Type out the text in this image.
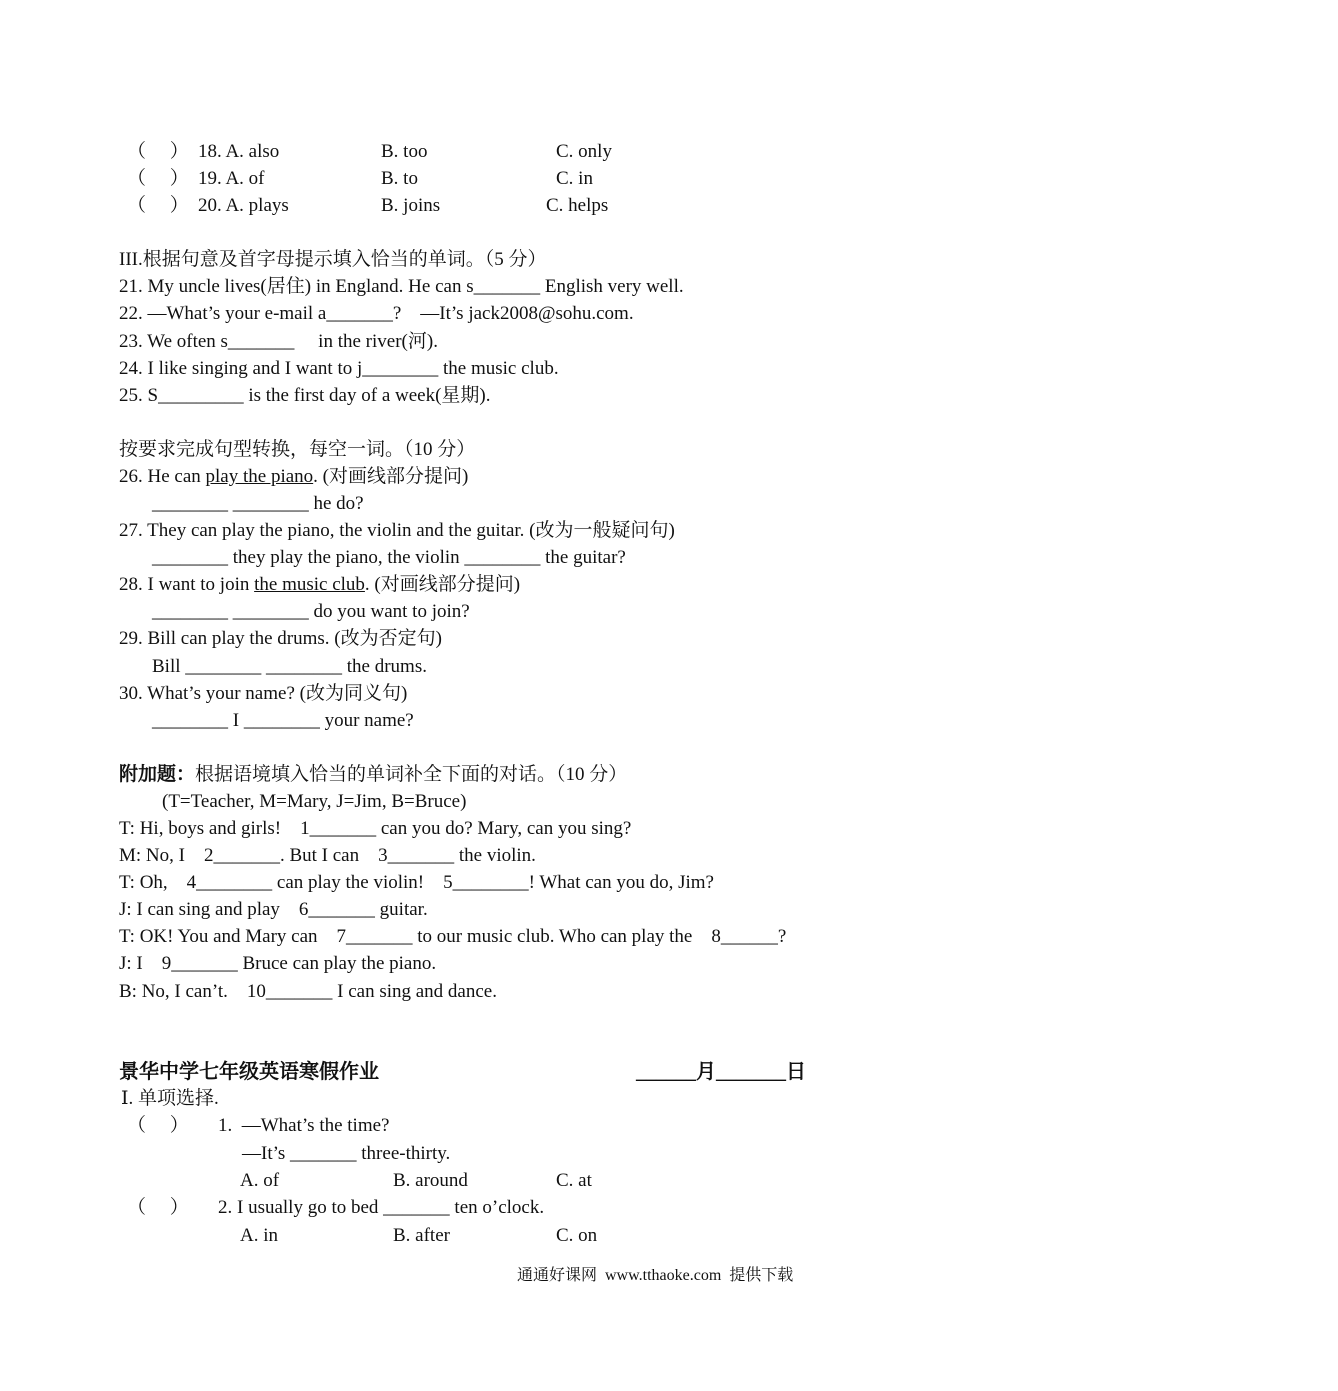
（     ） 18. A. also	B. too	C. only
（     ） 19. A. of	B. to	C. in
（     ） 20. A. plays	B. joins	C. helps
III.根据句意及首字母提示填入恰当的单词。（5 分）
21. My uncle lives(居住) in England. He can s_______ English very well.
22. —What’s your e-mail a_______?    —It’s jack2008@sohu.com.
23. We often s_______     in the river(河).
24. I like singing and I want to j________ the music club.
25. S_________ is the first day of a week(星期).
按要求完成句型转换，每空一词。（10 分）
26. He can play the piano. (对画线部分提问)
________ ________ he do?
27. They can play the piano, the violin and the guitar. (改为一般疑问句)
________ they play the piano, the violin ________ the guitar?
28. I want to join the music club. (对画线部分提问)
________ ________ do you want to join?
29. Bill can play the drums. (改为否定句)
Bill ________ ________ the drums.
30. What’s your name? (改为同义句)
________ I ________ your name?
附加题：根据语境填入恰当的单词补全下面的对话。（10 分）
(T=Teacher, M=Mary, J=Jim, B=Bruce)
T: Hi, boys and girls!    1_______ can you do? Mary, can you sing?
M: No, I    2_______. But I can    3_______ the violin.
T: Oh,    4________ can play the violin!    5________! What can you do, Jim?
J: I can sing and play    6_______ guitar.
T: OK! You and Mary can    7_______ to our music club. Who can play the    8______?
J: I    9_______ Bruce can play the piano.
B: No, I can’t.    10_______ I can sing and dance.
景华中学七年级英语寒假作业	______月_______日
Ⅰ. 单项选择.
（     ） 1.  —What’s the time?
—It’s _______ three-thirty.
A. of	B. around	C. at
（     ） 2. I usually go to bed _______ ten o’clock.
A. in	B. after	C. on
通通好课网  www.tthaoke.com  提供下载
